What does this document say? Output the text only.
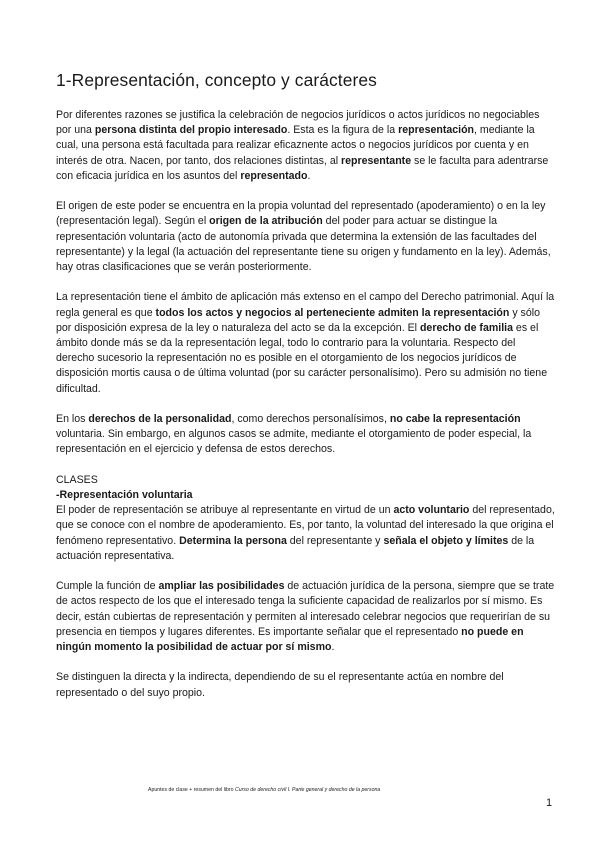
1-Representación, concepto y carácteres

Por diferentes razones se justifica la celebración de negocios jurídicos o actos jurídicos no negociables por una persona distinta del propio interesado. Esta es la figura de la representación, mediante la cual, una persona está facultada para realizar eficaznente actos o negocios jurídicos por cuenta y en interés de otra. Nacen, por tanto, dos relaciones distintas, al representante se le faculta para adentrarse con eficacia jurídica en los asuntos del representado.

El origen de este poder se encuentra en la propia voluntad del representado (apoderamiento) o en la ley (representación legal). Según el origen de la atribución del poder para actuar se distingue la representación voluntaria (acto de autonomía privada que determina la extensión de las facultades del representante) y la legal (la actuación del representante tiene su origen y fundamento en la ley). Además, hay otras clasificaciones que se verán posteriormente.

La representación tiene el ámbito de aplicación más extenso en el campo del Derecho patrimonial. Aquí la regla general es que todos los actos y negocios al perteneciente admiten la representación y sólo por disposición expresa de la ley o naturaleza del acto se da la excepción. El derecho de familia es el ámbito donde más se da la representación legal, todo lo contrario para la voluntaria. Respecto del derecho sucesorio la representación no es posible en el otorgamiento de los negocios jurídicos de disposición mortis causa o de última voluntad (por su carácter personalísimo). Pero su admisión no tiene dificultad.

En los derechos de la personalidad, como derechos personalísimos, no cabe la representación voluntaria. Sin embargo, en algunos casos se admite, mediante el otorgamiento de poder especial, la representación en el ejercicio y defensa de estos derechos.

CLASES
-Representación voluntaria
El poder de representación se atribuye al representante en virtud de un acto voluntario del representado, que se conoce con el nombre de apoderamiento. Es, por tanto, la voluntad del interesado la que origina el fenómeno representativo. Determina la persona del representante y señala el objeto y límites de la actuación representativa.

Cumple la función de ampliar las posibilidades de actuación jurídica de la persona, siempre que se trate de actos respecto de los que el interesado tenga la suficiente capacidad de realizarlos por sí mismo. Es decir, están cubiertas de representación y permiten al interesado celebrar negocios que requerirían de su presencia en tiempos y lugares diferentes. Es importante señalar que el representado no puede en ningún momento la posibilidad de actuar por sí mismo.

Se distinguen la directa y la indirecta, dependiendo de su el representante actúa en nombre del representado o del suyo propio.

Apuntes de clase + resumen del libro Curso de derecho civil I. Parte general y derecho de la persona
1
